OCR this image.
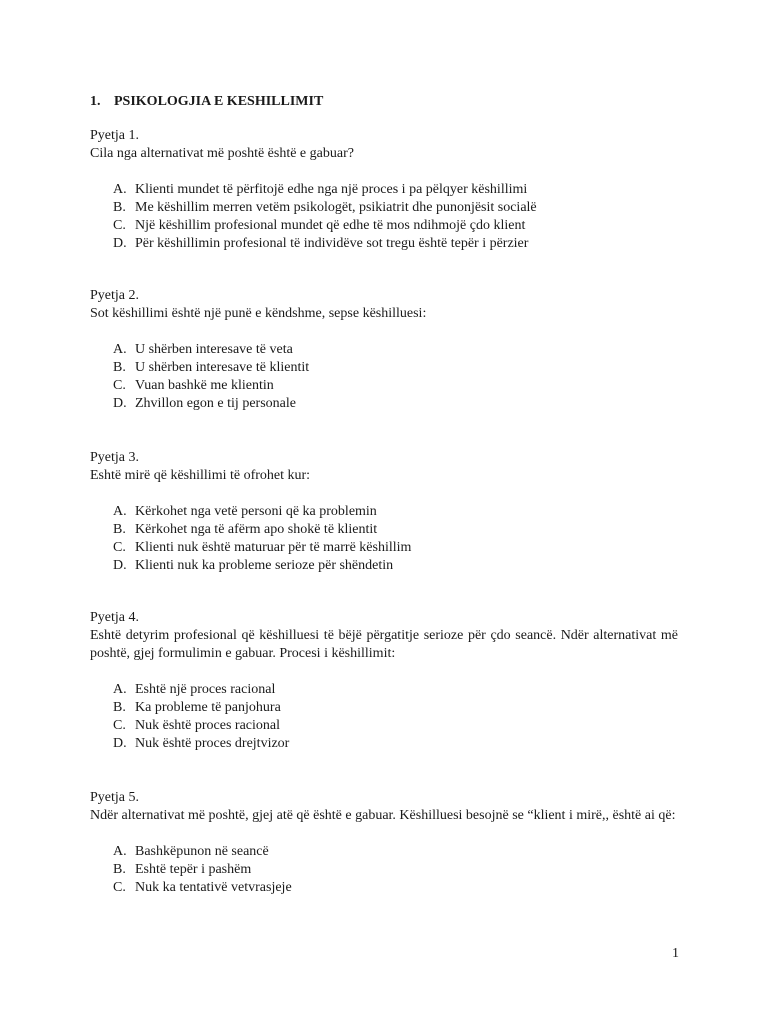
1. PSIKOLOGJIA E KESHILLIMIT
Pyetja 1.
Cila nga alternativat më poshtë është e gabuar?
A. Klienti mundet të përfitojë edhe nga një proces i pa pëlqyer këshillimi
B. Me këshillim merren vetëm psikologët, psikiatrit dhe punonjësit socialë
C. Një këshillim profesional mundet që edhe të mos ndihmojë çdo klient
D. Për këshillimin profesional të individëve sot tregu është tepër i përzier
Pyetja 2.
Sot këshillimi është një punë e këndshme, sepse këshilluesi:
A. U shërben interesave të veta
B. U shërben interesave të klientit
C. Vuan bashkë me klientin
D. Zhvillon egon e tij personale
Pyetja 3.
Eshtë mirë që këshillimi të ofrohet kur:
A. Kërkohet nga vetë personi që ka problemin
B. Kërkohet nga të afërm apo shokë të klientit
C. Klienti nuk është maturuar për të marrë këshillim
D. Klienti nuk ka probleme serioze për shëndetin
Pyetja 4.
Eshtë detyrim profesional që këshilluesi të bëjë përgatitje serioze për çdo seancë. Ndër alternativat më poshtë, gjej formulimin e gabuar. Procesi i këshillimit:
A. Eshtë një proces racional
B. Ka probleme të panjohura
C. Nuk është proces racional
D. Nuk është proces drejtvizor
Pyetja 5.
Ndër alternativat më poshtë, gjej atë që është e gabuar. Këshilluesi besojnë se “klient i mirë,, është ai që:
A. Bashkëpunon në seancë
B. Eshtë tepër i pashëm
C. Nuk ka tentativë vetvrasjeje
1
